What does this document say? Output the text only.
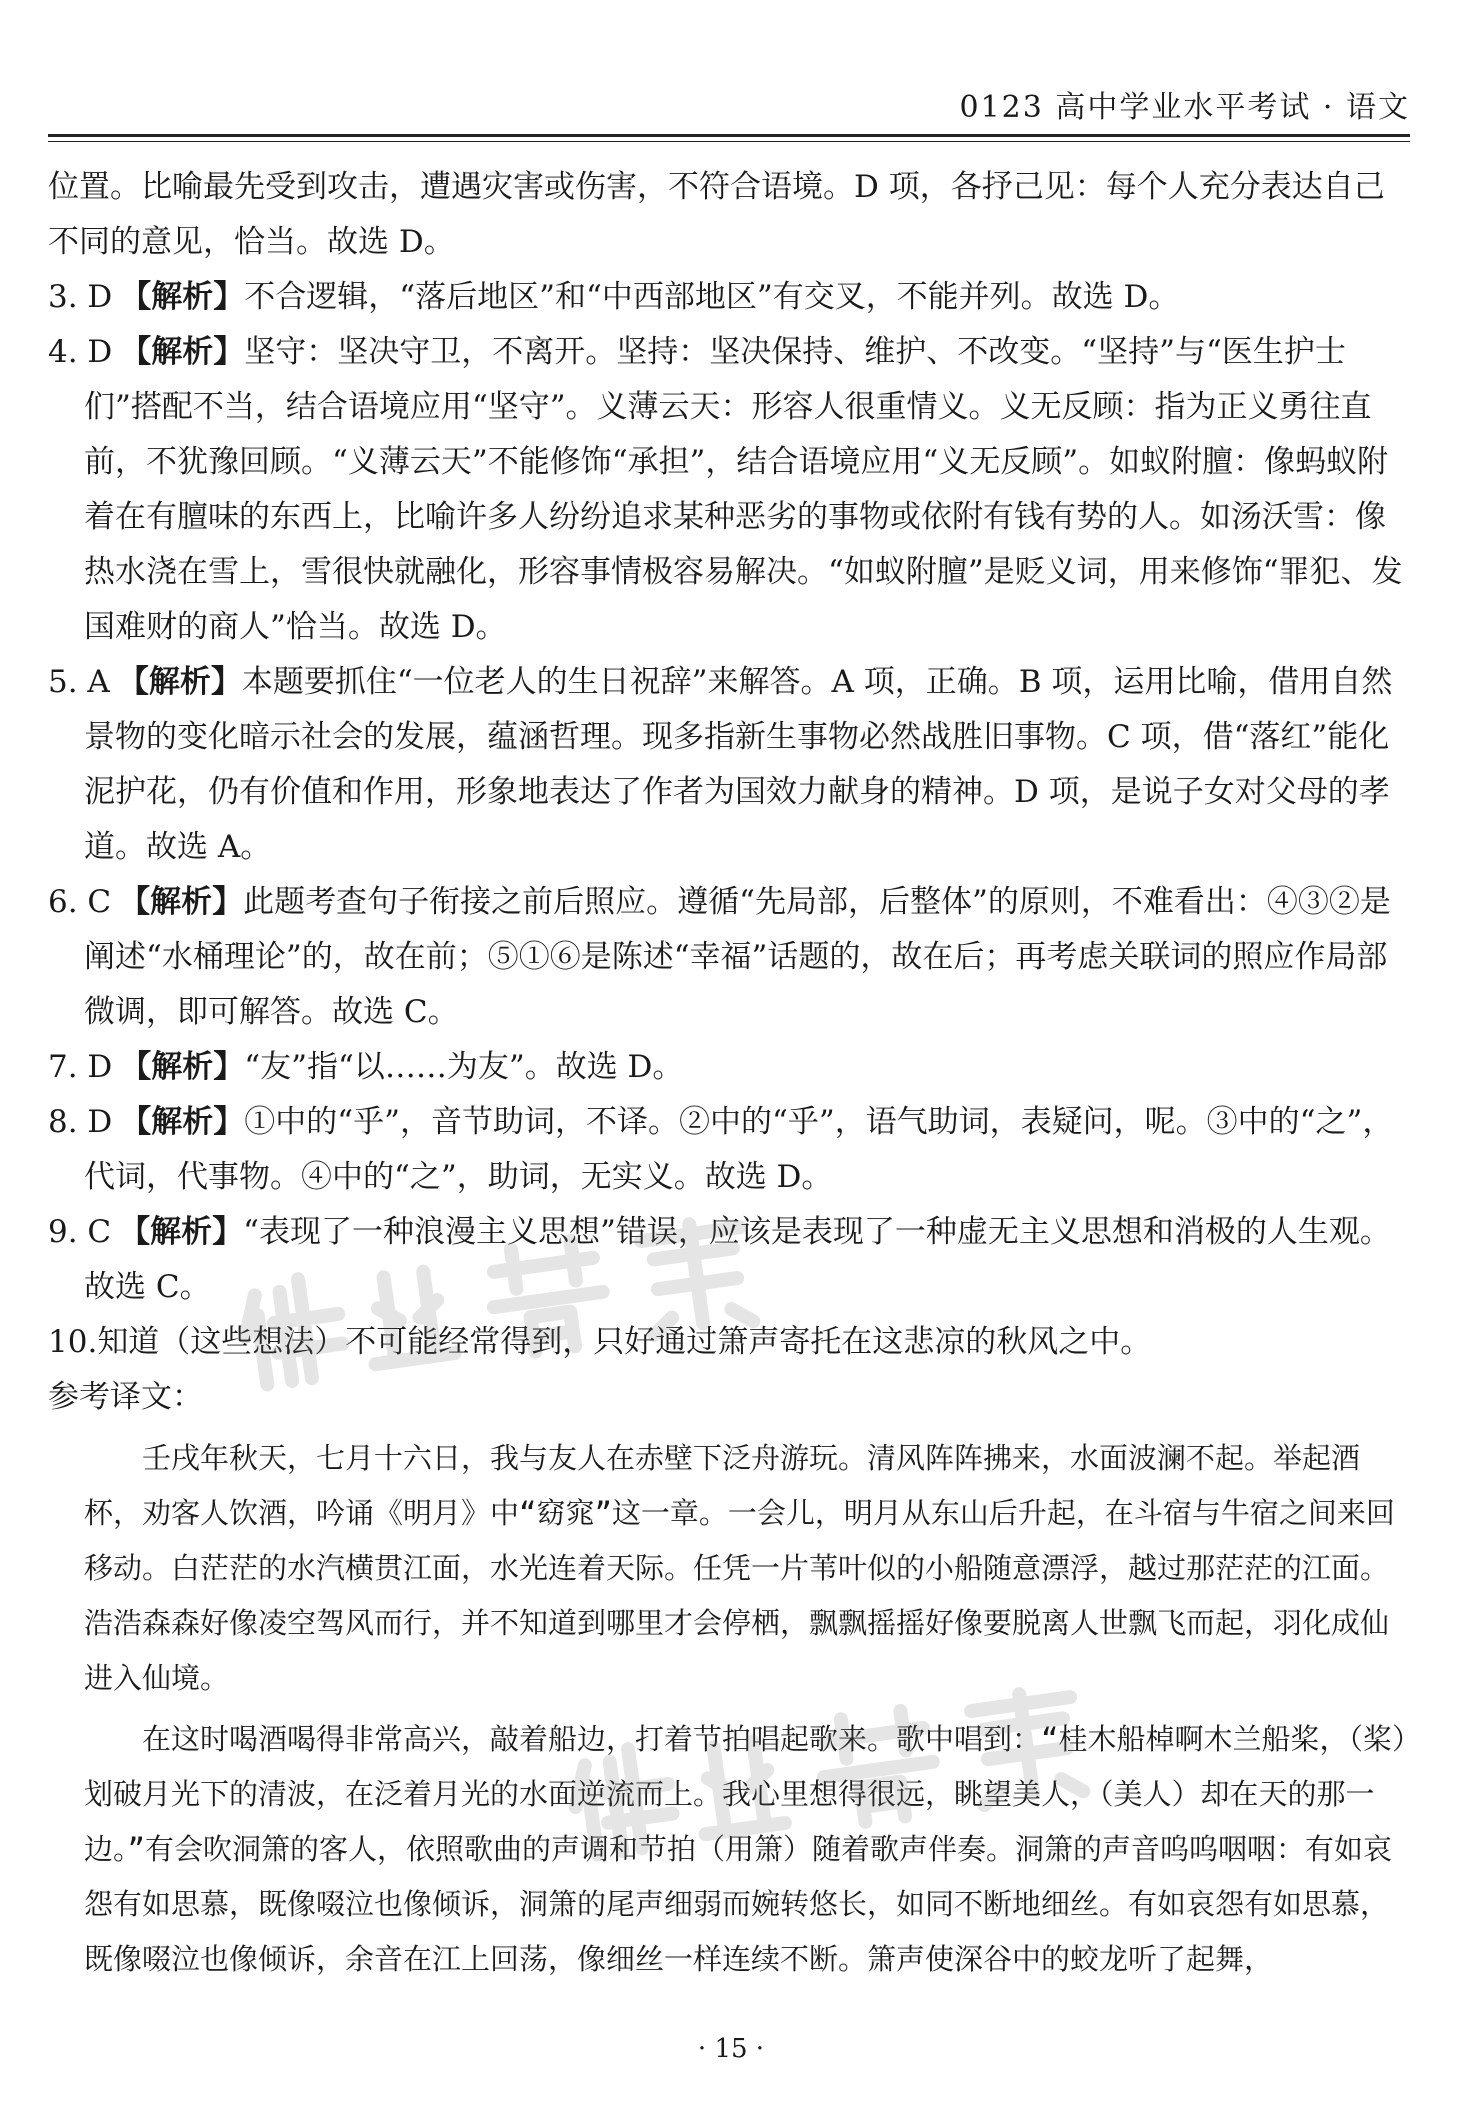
0123 高中学业水平考试 · 语文

位置。比喻最先受到攻击，遭遇灾害或伤害，不符合语境。D 项，各抒己见：每个人充分表达自己不同的意见，恰当。故选 D。

3. D 【解析】不合逻辑，“落后地区”和“中西部地区”有交叉，不能并列。故选 D。

4. D 【解析】坚守：坚决守卫，不离开。坚持：坚决保持、维护、不改变。“坚持”与“医生护士们”搭配不当，结合语境应用“坚守”。义薄云天：形容人很重情义。义无反顾：指为正义勇往直前，不犹豫回顾。“义薄云天”不能修饰“承担”，结合语境应用“义无反顾”。如蚁附膻：像蚂蚁附着在有膻味的东西上，比喻许多人纷纷追求某种恶劣的事物或依附有钱有势的人。如汤沃雪：像热水浇在雪上，雪很快就融化，形容事情极容易解决。“如蚁附膻”是贬义词，用来修饰“罪犯、发国难财的商人”恰当。故选 D。

5. A 【解析】本题要抓住“一位老人的生日祝辞”来解答。A 项，正确。B 项，运用比喻，借用自然景物的变化暗示社会的发展，蕴涵哲理。现多指新生事物必然战胜旧事物。C 项，借“落红”能化泥护花，仍有价值和作用，形象地表达了作者为国效力献身的精神。D 项，是说子女对父母的孝道。故选 A。

6. C 【解析】此题考查句子衔接之前后照应。遵循“先局部，后整体”的原则，不难看出：④③②是阐述“水桶理论”的，故在前；⑤①⑥是陈述“幸福”话题的，故在后；再考虑关联词的照应作局部微调，即可解答。故选 C。

7. D 【解析】“友”指“以……为友”。故选 D。

8. D 【解析】①中的“乎”，音节助词，不译。②中的“乎”，语气助词，表疑问，呢。③中的“之”，代词，代事物。④中的“之”，助词，无实义。故选 D。

9. C 【解析】“表现了一种浪漫主义思想”错误，应该是表现了一种虚无主义思想和消极的人生观。故选 C。

10.知道（这些想法）不可能经常得到，只好通过箫声寄托在这悲凉的秋风之中。

参考译文：

壬戌年秋天，七月十六日，我与友人在赤壁下泛舟游玩。清风阵阵拂来，水面波澜不起。举起酒杯，劝客人饮酒，吟诵《明月》中“窈窕”这一章。一会儿，明月从东山后升起，在斗宿与牛宿之间来回移动。白茫茫的水汽横贯江面，水光连着天际。任凭一片苇叶似的小船随意漂浮，越过那茫茫的江面。浩浩森森好像凌空驾风而行，并不知道到哪里才会停栖，飘飘摇摇好像要脱离人世飘飞而起，羽化成仙进入仙境。

在这时喝酒喝得非常高兴，敲着船边，打着节拍唱起歌来。歌中唱到：“桂木船棹啊木兰船桨，（桨）划破月光下的清波，在泛着月光的水面逆流而上。我心里想得很远，眺望美人，（美人）却在天的那一边。”有会吹洞箫的客人，依照歌曲的声调和节拍（用箫）随着歌声伴奏。洞箫的声音呜呜咽咽：有如哀怨有如思慕，既像啜泣也像倾诉，洞箫的尾声细弱而婉转悠长，如同不断地细丝。有如哀怨有如思慕，既像啜泣也像倾诉，余音在江上回荡，像细丝一样连续不断。箫声使深谷中的蛟龙听了起舞，

· 15 ·
